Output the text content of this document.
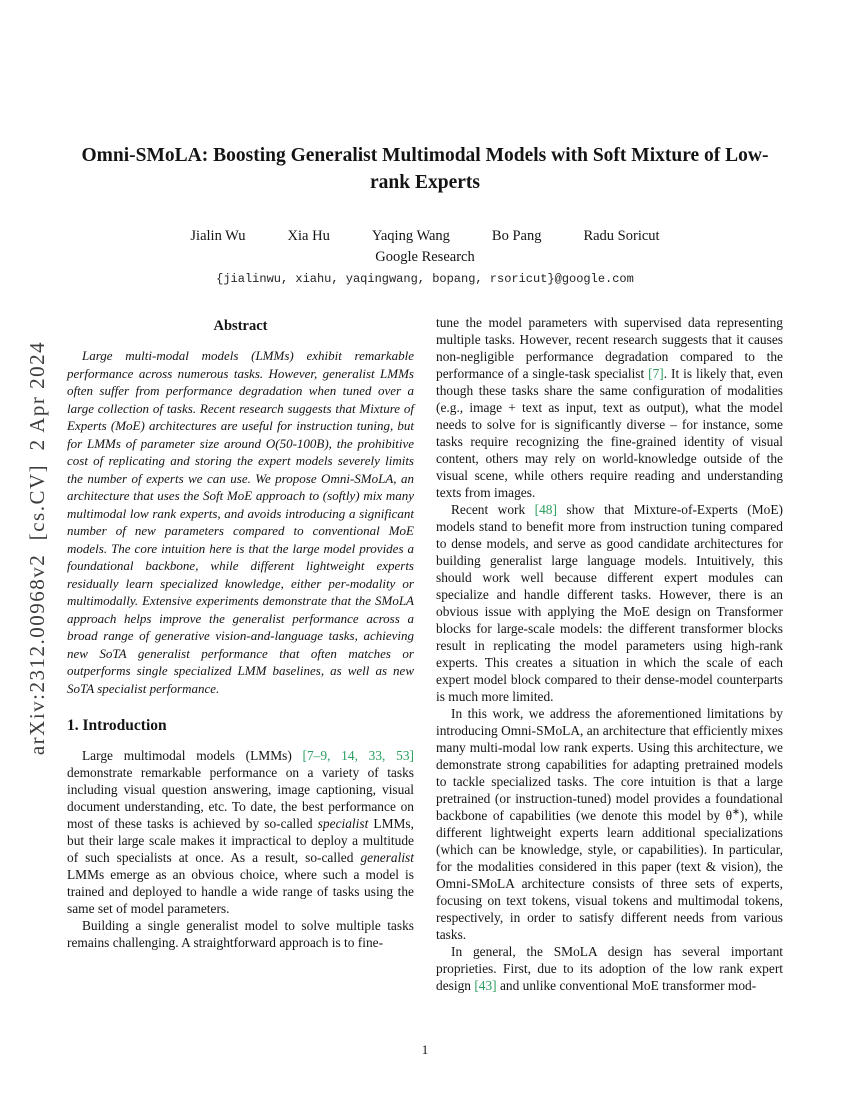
arXiv:2312.00968v2  [cs.CV]  2 Apr 2024
Omni-SMoLA: Boosting Generalist Multimodal Models with Soft Mixture of Low-rank Experts
Jialin Wu	Xia Hu	Yaqing Wang	Bo Pang	Radu Soricut
Google Research
{jialinwu, xiahu, yaqingwang, bopang, rsoricut}@google.com
Abstract

Large multi-modal models (LMMs) exhibit remarkable performance across numerous tasks. However, generalist LMMs often suffer from performance degradation when tuned over a large collection of tasks. Recent research suggests that Mixture of Experts (MoE) architectures are useful for instruction tuning, but for LMMs of parameter size around O(50-100B), the prohibitive cost of replicating and storing the expert models severely limits the number of experts we can use. We propose Omni-SMoLA, an architecture that uses the Soft MoE approach to (softly) mix many multimodal low rank experts, and avoids introducing a significant number of new parameters compared to conventional MoE models. The core intuition here is that the large model provides a foundational backbone, while different lightweight experts residually learn specialized knowledge, either per-modality or multimodally. Extensive experiments demonstrate that the SMoLA approach helps improve the generalist performance across a broad range of generative vision-and-language tasks, achieving new SoTA generalist performance that often matches or outperforms single specialized LMM baselines, as well as new SoTA specialist performance.

1. Introduction

Large multimodal models (LMMs) [7–9, 14, 33, 53] demonstrate remarkable performance on a variety of tasks including visual question answering, image captioning, visual document understanding, etc. To date, the best performance on most of these tasks is achieved by so-called specialist LMMs, but their large scale makes it impractical to deploy a multitude of such specialists at once. As a result, so-called generalist LMMs emerge as an obvious choice, where such a model is trained and deployed to handle a wide range of tasks using the same set of model parameters.

Building a single generalist model to solve multiple tasks remains challenging. A straightforward approach is to fine-

tune the model parameters with supervised data representing multiple tasks. However, recent research suggests that it causes non-negligible performance degradation compared to the performance of a single-task specialist [7]. It is likely that, even though these tasks share the same configuration of modalities (e.g., image + text as input, text as output), what the model needs to solve for is significantly diverse – for instance, some tasks require recognizing the fine-grained identity of visual content, others may rely on world-knowledge outside of the visual scene, while others require reading and understanding texts from images.

Recent work [48] show that Mixture-of-Experts (MoE) models stand to benefit more from instruction tuning compared to dense models, and serve as good candidate architectures for building generalist large language models. Intuitively, this should work well because different expert modules can specialize and handle different tasks. However, there is an obvious issue with applying the MoE design on Transformer blocks for large-scale models: the different transformer blocks result in replicating the model parameters using high-rank experts. This creates a situation in which the scale of each expert model block compared to their dense-model counterparts is much more limited.

In this work, we address the aforementioned limitations by introducing Omni-SMoLA, an architecture that efficiently mixes many multi-modal low rank experts. Using this architecture, we demonstrate strong capabilities for adapting pretrained models to tackle specialized tasks. The core intuition is that a large pretrained (or instruction-tuned) model provides a foundational backbone of capabilities (we denote this model by θ∗), while different lightweight experts learn additional specializations (which can be knowledge, style, or capabilities). In particular, for the modalities considered in this paper (text & vision), the Omni-SMoLA architecture consists of three sets of experts, focusing on text tokens, visual tokens and multimodal tokens, respectively, in order to satisfy different needs from various tasks.

In general, the SMoLA design has several important proprieties. First, due to its adoption of the low rank expert design [43] and unlike conventional MoE transformer mod-

1
